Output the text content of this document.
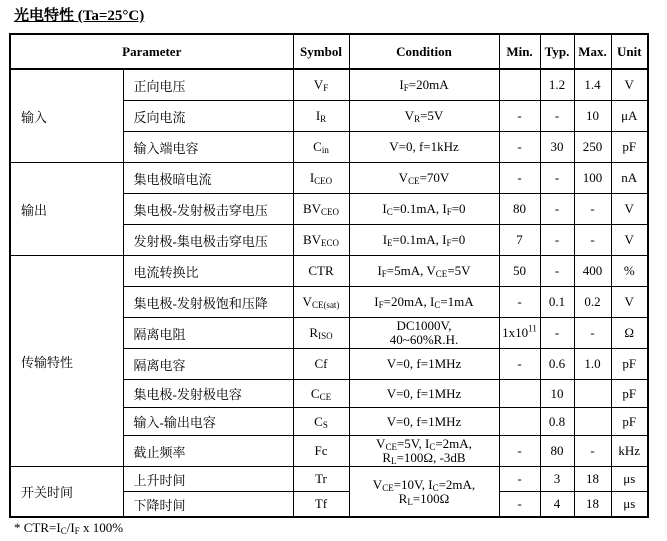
光电特性 (Ta=25°C)
Parameter		Symbol	Condition	Min.	Typ.	Max.	Unit
输入	正向电压	$V_F$	$I_F=20mA$		1.2	1.4	V
	反向电流	$I_R$	$V_R=5V$	-	-	10	μA
	输入端电容	$C_{in}$	V=0, f=1kHz	-	30	250	pF
输出	集电极暗电流	$I_{CEO}$	$V_{CE}=70V$	-	-	100	nA
	集电极-发射极击穿电压	$BV_{CEO}$	$I_C=0.1mA$, $I_F=0$	80	-	-	V
	发射极-集电极击穿电压	$BV_{ECO}$	$I_E=0.1mA$, $I_F=0$	7	-	-	V
传输特性	电流转换比	CTR	$I_F=5mA$, $V_{CE}=5V$	50	-	400	%
	集电极-发射极饱和压降	$V_{CE(sat)}$	$I_F=20mA$, $I_C=1mA$	-	0.1	0.2	V
	隔离电阻	$R_{ISO}$	DC1000V,
40~60%R.H.	$1x10^{11}$	-	-	Ω
	隔离电容	Cf	V=0, f=1MHz	-	0.6	1.0	pF
	集电极-发射极电容	$C_{CE}$	V=0, f=1MHz		10		pF
	输入-输出电容	$C_S$	V=0, f=1MHz		0.8		pF
	截止频率	Fc	$V_{CE}=5V$, $I_C=2mA$,
$R_L=100\Omega$, -3dB	-	80	-	kHz
开关时间	上升时间	Tr	$V_{CE}=10V$, $I_C=2mA$,
$R_L=100\Omega$	-	3	18	μs
	下降时间	Tf		-	4	18	μs
* $CTR=I_C/I_F$ x 100%
